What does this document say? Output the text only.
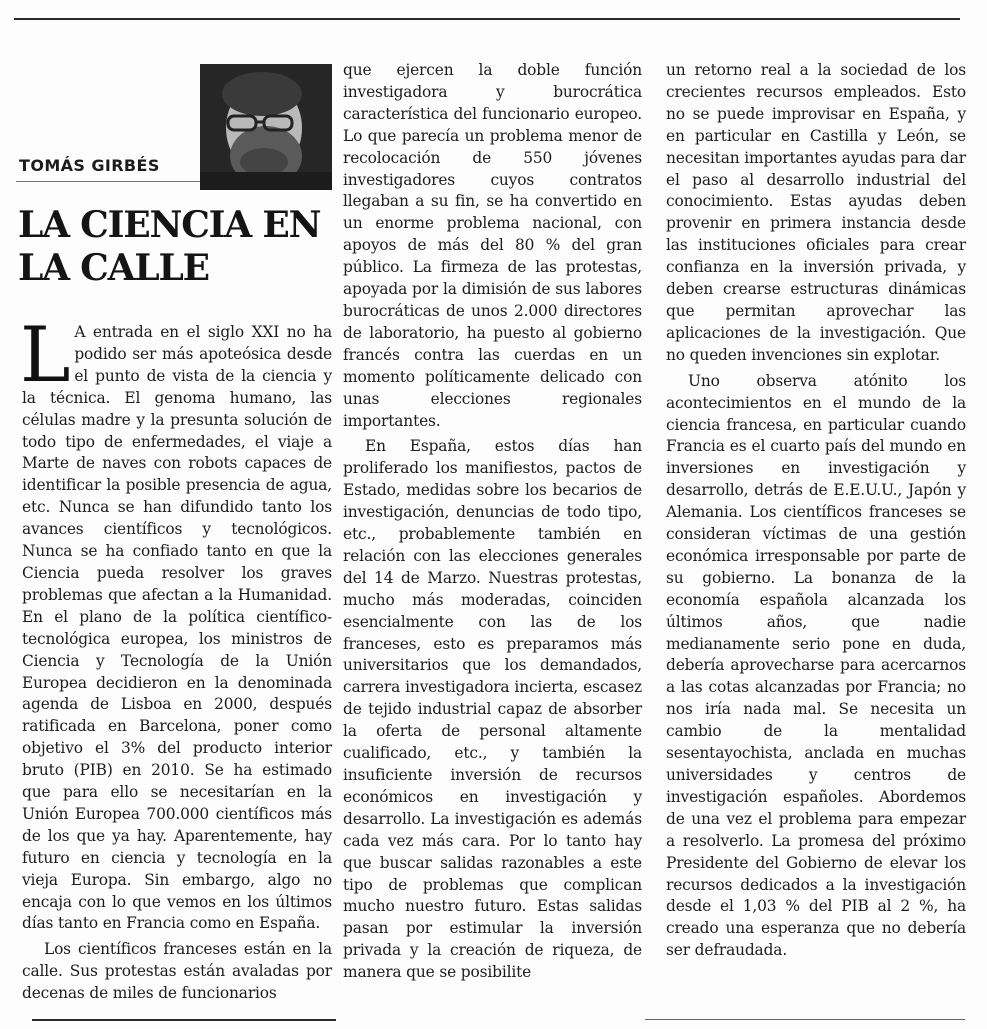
TOMÁS GIRBÉS
LA CIENCIA EN LA CALLE

L A entrada en el siglo XXI no ha podido ser más apoteósica desde el punto de vista de la ciencia y la técnica. El genoma humano, las células madre y la presunta solución de todo tipo de enfermedades, el viaje a Marte de naves con robots capaces de identificar la posible presencia de agua, etc. Nunca se han difundido tanto los avances científicos y tecnológicos. Nunca se ha confiado tanto en que la Ciencia pueda resolver los graves problemas que afectan a la Humanidad. En el plano de la política científico-tecnológica europea, los ministros de Ciencia y Tecnología de la Unión Europea decidieron en la denominada agenda de Lisboa en 2000, después ratificada en Barcelona, poner como objetivo el 3% del producto interior bruto (PIB) en 2010. Se ha estimado que para ello se necesitarían en la Unión Europea 700.000 científicos más de los que ya hay. Aparentemente, hay futuro en ciencia y tecnología en la vieja Europa. Sin embargo, algo no encaja con lo que vemos en los últimos días tanto en Francia como en España.

Los científicos franceses están en la calle. Sus protestas están avaladas por decenas de miles de funcionarios

que ejercen la doble función investigadora y burocrática característica del funcionario europeo. Lo que parecía un problema menor de recolocación de 550 jóvenes investigadores cuyos contratos llegaban a su fin, se ha convertido en un enorme problema nacional, con apoyos de más del 80 % del gran público. La firmeza de las protestas, apoyada por la dimisión de sus labores burocráticas de unos 2.000 directores de laboratorio, ha puesto al gobierno francés contra las cuerdas en un momento políticamente delicado con unas elecciones regionales importantes.

En España, estos días han proliferado los manifiestos, pactos de Estado, medidas sobre los becarios de investigación, denuncias de todo tipo, etc., probablemente también en relación con las elecciones generales del 14 de Marzo. Nuestras protestas, mucho más moderadas, coinciden esencialmente con las de los franceses, esto es preparamos más universitarios que los demandados, carrera investigadora incierta, escasez de tejido industrial capaz de absorber la oferta de personal altamente cualificado, etc., y también la insuficiente inversión de recursos económicos en investigación y desarrollo. La investigación es además cada vez más cara. Por lo tanto hay que buscar salidas razonables a este tipo de problemas que complican mucho nuestro futuro. Estas salidas pasan por estimular la inversión privada y la creación de riqueza, de manera que se posibilite

un retorno real a la sociedad de los crecientes recursos empleados. Esto no se puede improvisar en España, y en particular en Castilla y León, se necesitan importantes ayudas para dar el paso al desarrollo industrial del conocimiento. Estas ayudas deben provenir en primera instancia desde las instituciones oficiales para crear confianza en la inversión privada, y deben crearse estructuras dinámicas que permitan aprovechar las aplicaciones de la investigación. Que no queden invenciones sin explotar.

Uno observa atónito los acontecimientos en el mundo de la ciencia francesa, en particular cuando Francia es el cuarto país del mundo en inversiones en investigación y desarrollo, detrás de E.E.U.U., Japón y Alemania. Los científicos franceses se consideran víctimas de una gestión económica irresponsable por parte de su gobierno. La bonanza de la economía española alcanzada los últimos años, que nadie medianamente serio pone en duda, debería aprovecharse para acercarnos a las cotas alcanzadas por Francia; no nos iría nada mal. Se necesita un cambio de la mentalidad sesentayochista, anclada en muchas universidades y centros de investigación españoles. Abordemos de una vez el problema para empezar a resolverlo. La promesa del próximo Presidente del Gobierno de elevar los recursos dedicados a la investigación desde el 1,03 % del PIB al 2 %, ha creado una esperanza que no debería ser defraudada.
